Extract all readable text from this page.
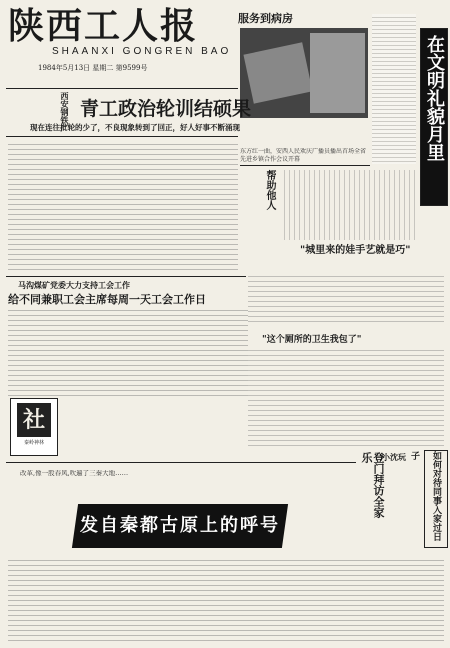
陕西工人报
SHAANXI GONGREN BAO
1984年5月13日 星期二 第9599号
服务到病房
在文明礼貌月里
西安钢铁厂 青工政治轮训结硕果
现在连往批轮的少了，不良现象转到了回正，好人好事不断涌现
东方红一曲，安西人民欢庆广播员播出首场全省先进乡镇合作会议开幕
帮助他人
"城里来的娃手艺就是巧"
马沟煤矿党委大力支持工会工作
给不同兼职工会主席每周一天工会工作日
"这个厕所的卫生我包了"
社
秦岭神林
登门拜访全家乐	小沈玩	如何对待同事入家过日子
改革,像一股春风,吹遍了三秦大地……
发自秦都古原上的呼号
